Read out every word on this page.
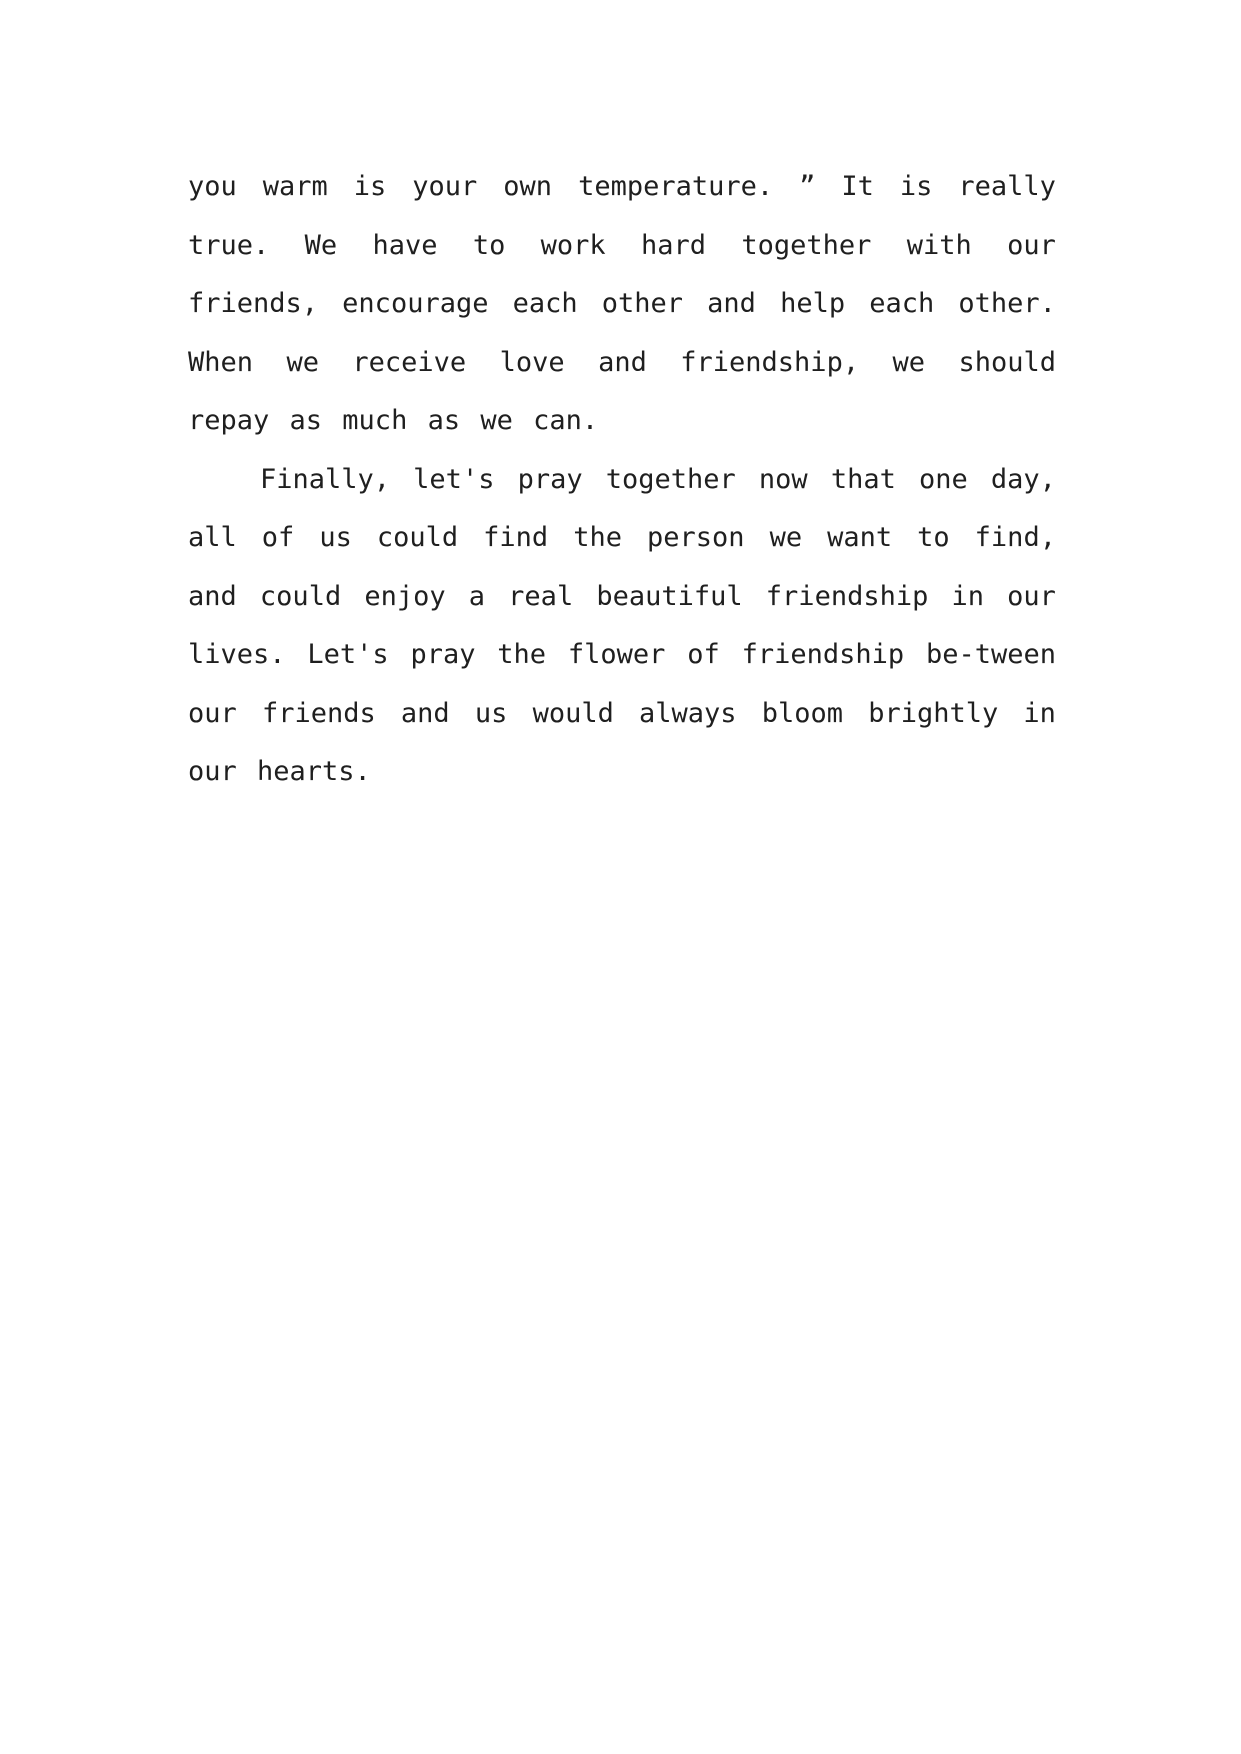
you warm is your own temperature. ” It is really
true. We have to work hard together with our
friends, encourage each other and help each other.
When we receive love and friendship, we should
repay as much as we can.
Finally, let's pray together now that one day,
all of us could find the person we want to find,
and could enjoy a real beautiful friendship in our
lives. Let's pray the flower of friendship be-tween
our friends and us would always bloom brightly in
our hearts.
